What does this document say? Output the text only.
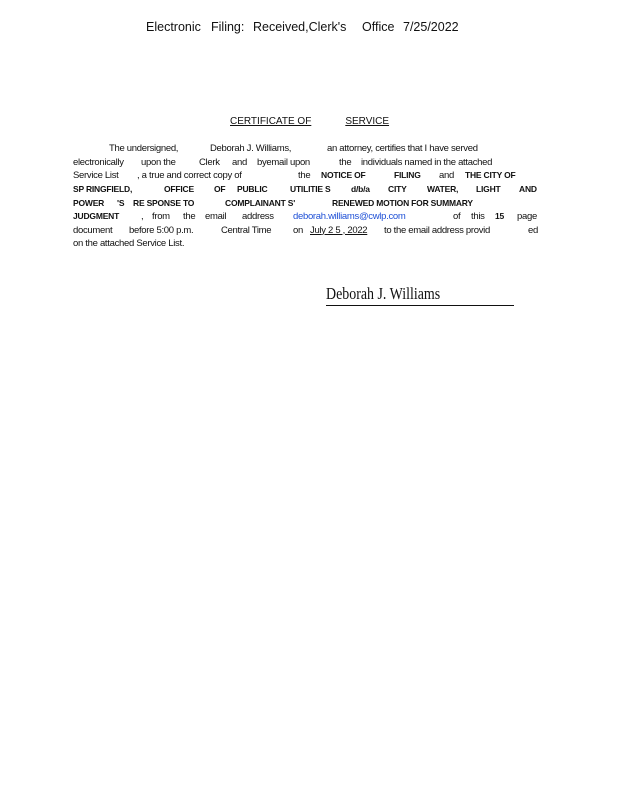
Electronic Filing: Received,Clerk's Office 7/25/2022
CERTIFICATE OF	SERVICE
The undersigned,	Deborah J. Williams,	an attorney, certifies that I have served
electronically upon the Clerk and byemail upon	the individuals named in the attached
Service List , a true and correct copy of	the NOTICE OF	FILING and THE CITY OF
SP RINGFIELD,	OFFICE OF PUBLIC	UTILITIE S d/b/a CITY WATER, LIGHT AND
POWER 'S RE SPONSE TO	COMPLAINANT S'	RENEWED MOTION FOR SUMMARY
JUDGMENT , from the email address deborah.williams@cwlp.com	of this 15 page
document before 5:00 p.m.	Central Time on July 2 5 , 2022 to the email address provid	ed
on the attached Service List.
Deborah J. Williams
